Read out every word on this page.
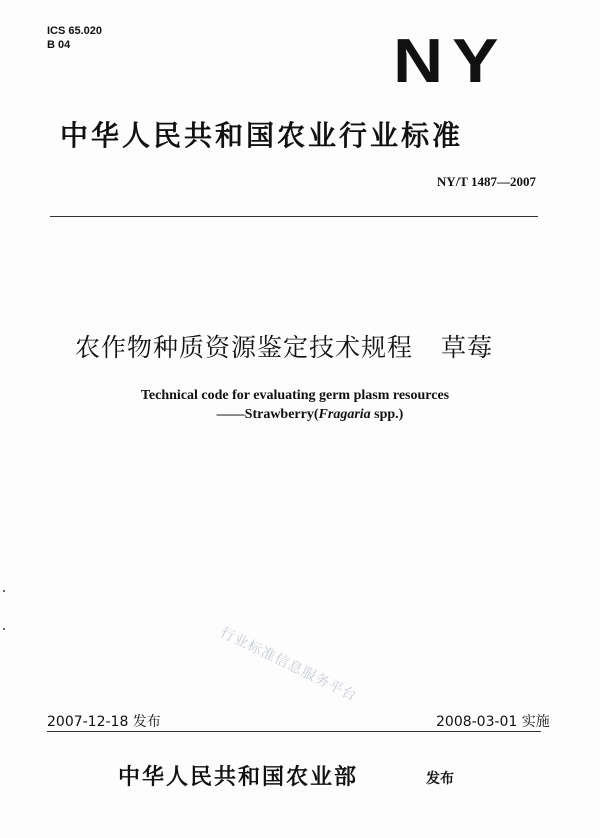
ICS 65.020
B 04	NY
中华人民共和国农业行业标准
NY/T 1487—2007
农作物种质资源鉴定技术规程 草莓
Technical code for evaluating germ plasm resources
——Strawberry(Fragaria spp.)
行业标准信息服务平台
2007-12-18 发布	2008-03-01 实施
中华人民共和国农业部	发布
